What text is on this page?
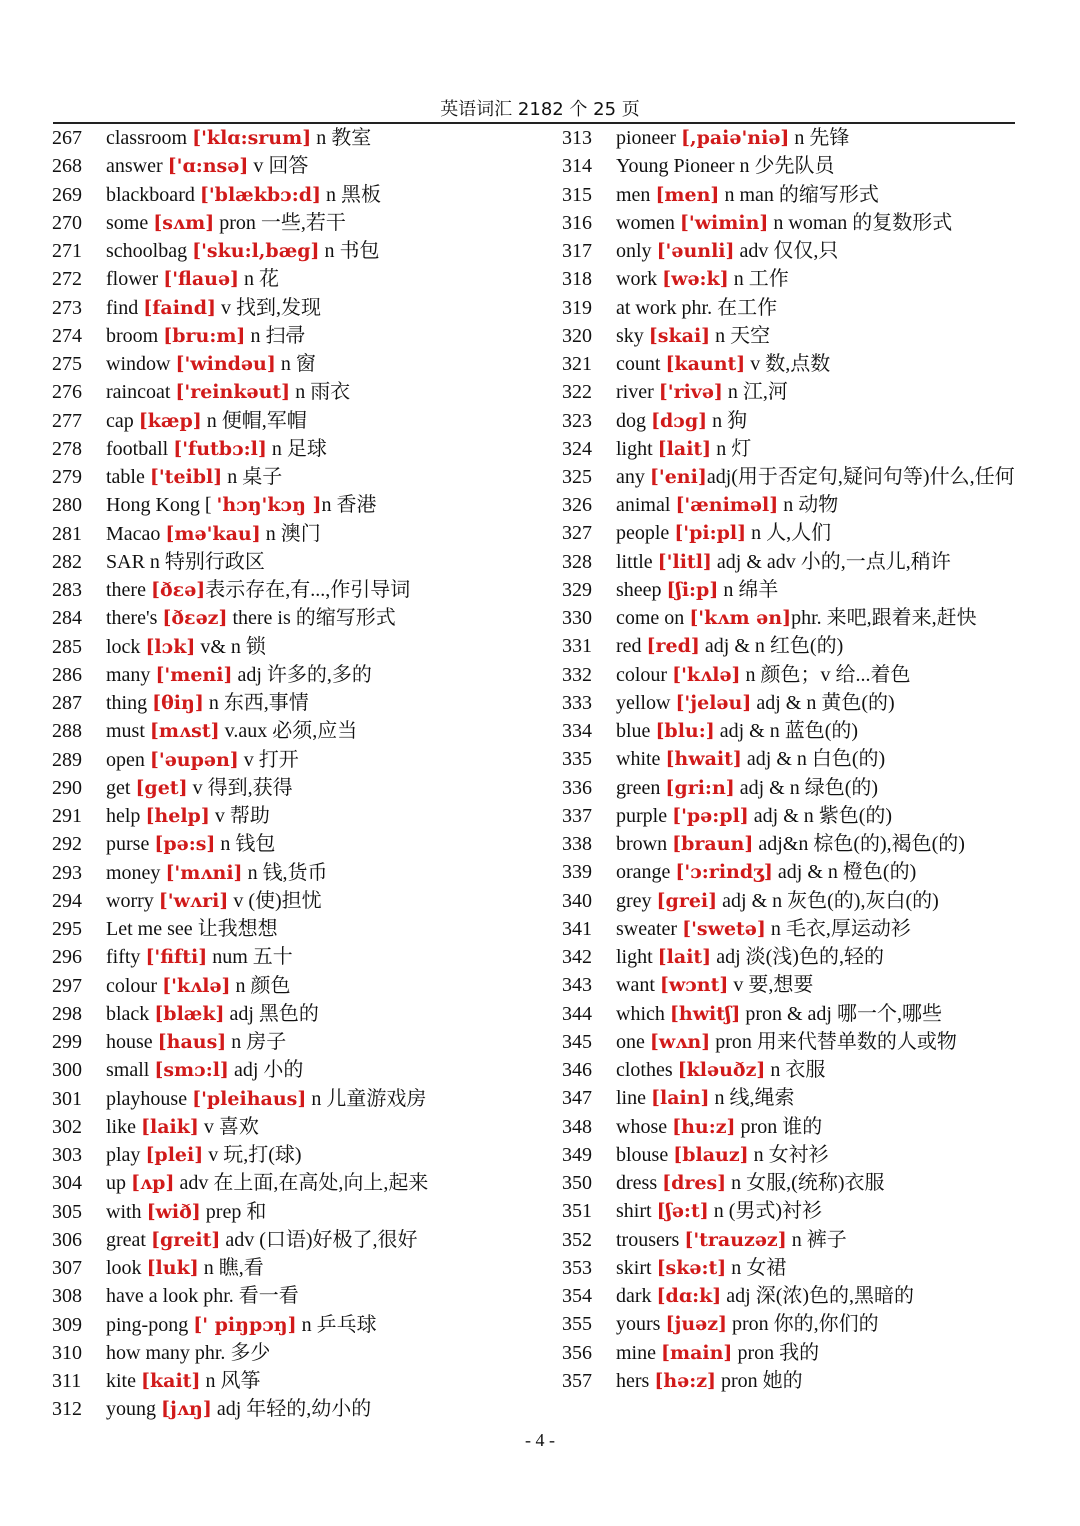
英语词汇 2182 个 25 页
267 classroom ['klɑ:srum] n 教室
268 answer ['ɑ:nsə] v 回答
269 blackboard ['blækbɔ:d] n 黑板
270 some [sʌm] pron 一些,若干
271 schoolbag ['sku:l,bæg] n 书包
272 flower ['flauə] n 花
273 find [faind] v 找到,发现
274 broom [bru:m] n 扫帚
275 window ['windəu] n 窗
276 raincoat ['reinkəut] n 雨衣
277 cap [kæp] n 便帽,军帽
278 football ['futbɔ:l] n 足球
279 table ['teibl] n 桌子
280 Hong Kong [ 'hɔŋ'kɔŋ ]n 香港
281 Macao [mə'kau] n 澳门
282 SAR n 特别行政区
283 there [ðεə]表示存在,有...,作引导词
284 there's [ðεəz] there is 的缩写形式
285 lock [lɔk] v& n 锁
286 many ['meni] adj 许多的,多的
287 thing [θiŋ] n 东西,事情
288 must [mʌst] v.aux 必须,应当
289 open ['əupən] v 打开
290 get [get] v 得到,获得
291 help [help] v 帮助
292 purse [pə:s] n 钱包
293 money ['mʌni] n 钱,货币
294 worry ['wʌri] v (使)担忧
295 Let me see 让我想想
296 fifty ['fifti] num 五十
297 colour ['kʌlə] n 颜色
298 black [blæk] adj 黑色的
299 house [haus] n 房子
300 small [smɔ:l] adj 小的
301 playhouse ['pleihaus] n 儿童游戏房
302 like [laik] v 喜欢
303 play [plei] v 玩,打(球)
304 up [ʌp] adv 在上面,在高处,向上,起来
305 with [wið] prep 和
306 great [greit] adv (口语)好极了,很好
307 look [luk] n 瞧,看
308 have a look phr. 看一看
309 ping-pong [' piŋpɔŋ] n 乒乓球
310 how many phr. 多少
311 kite [kait] n 风筝
312 young [jʌŋ] adj 年轻的,幼小的
313 pioneer [,paiə'niə] n 先锋
314 Young Pioneer n 少先队员
315 men [men] n man 的缩写形式
316 women ['wimin] n woman 的复数形式
317 only ['əunli] adv 仅仅,只
318 work [wə:k] n 工作
319 at work phr. 在工作
320 sky [skai] n 天空
321 count [kaunt] v 数,点数
322 river ['rivə] n 江,河
323 dog [dɔg] n 狗
324 light [lait] n 灯
325 any ['eni]adj(用于否定句,疑问句等)什么,任何
326 animal ['æniməl] n 动物
327 people ['pi:pl] n 人,人们
328 little ['litl] adj & adv 小的,一点儿,稍许
329 sheep [ʃi:p] n 绵羊
330 come on ['kʌm ən]phr. 来吧,跟着来,赶快
331 red [red] adj & n 红色(的)
332 colour ['kʌlə] n 颜色；v 给...着色
333 yellow ['jeləu] adj & n 黄色(的)
334 blue [blu:] adj & n 蓝色(的)
335 white [hwait] adj & n 白色(的)
336 green [gri:n] adj & n 绿色(的)
337 purple ['pə:pl] adj & n 紫色(的)
338 brown [braun] adj&n 棕色(的),褐色(的)
339 orange ['ɔ:rindʒ] adj & n 橙色(的)
340 grey [grei] adj & n 灰色(的),灰白(的)
341 sweater ['swetə] n 毛衣,厚运动衫
342 light [lait] adj 淡(浅)色的,轻的
343 want [wɔnt] v 要,想要
344 which [hwitʃ] pron & adj 哪一个,哪些
345 one [wʌn] pron 用来代替单数的人或物
346 clothes [kləuðz] n 衣服
347 line [lain] n 线,绳索
348 whose [hu:z] pron 谁的
349 blouse [blauz] n 女衬衫
350 dress [dres] n 女服,(统称)衣服
351 shirt [ʃə:t] n (男式)衬衫
352 trousers ['trauzəz] n 裤子
353 skirt [skə:t] n 女裙
354 dark [dɑ:k] adj 深(浓)色的,黑暗的
355 yours [juəz] pron 你的,你们的
356 mine [main] pron 我的
357 hers [hə:z] pron 她的
- 4 -
